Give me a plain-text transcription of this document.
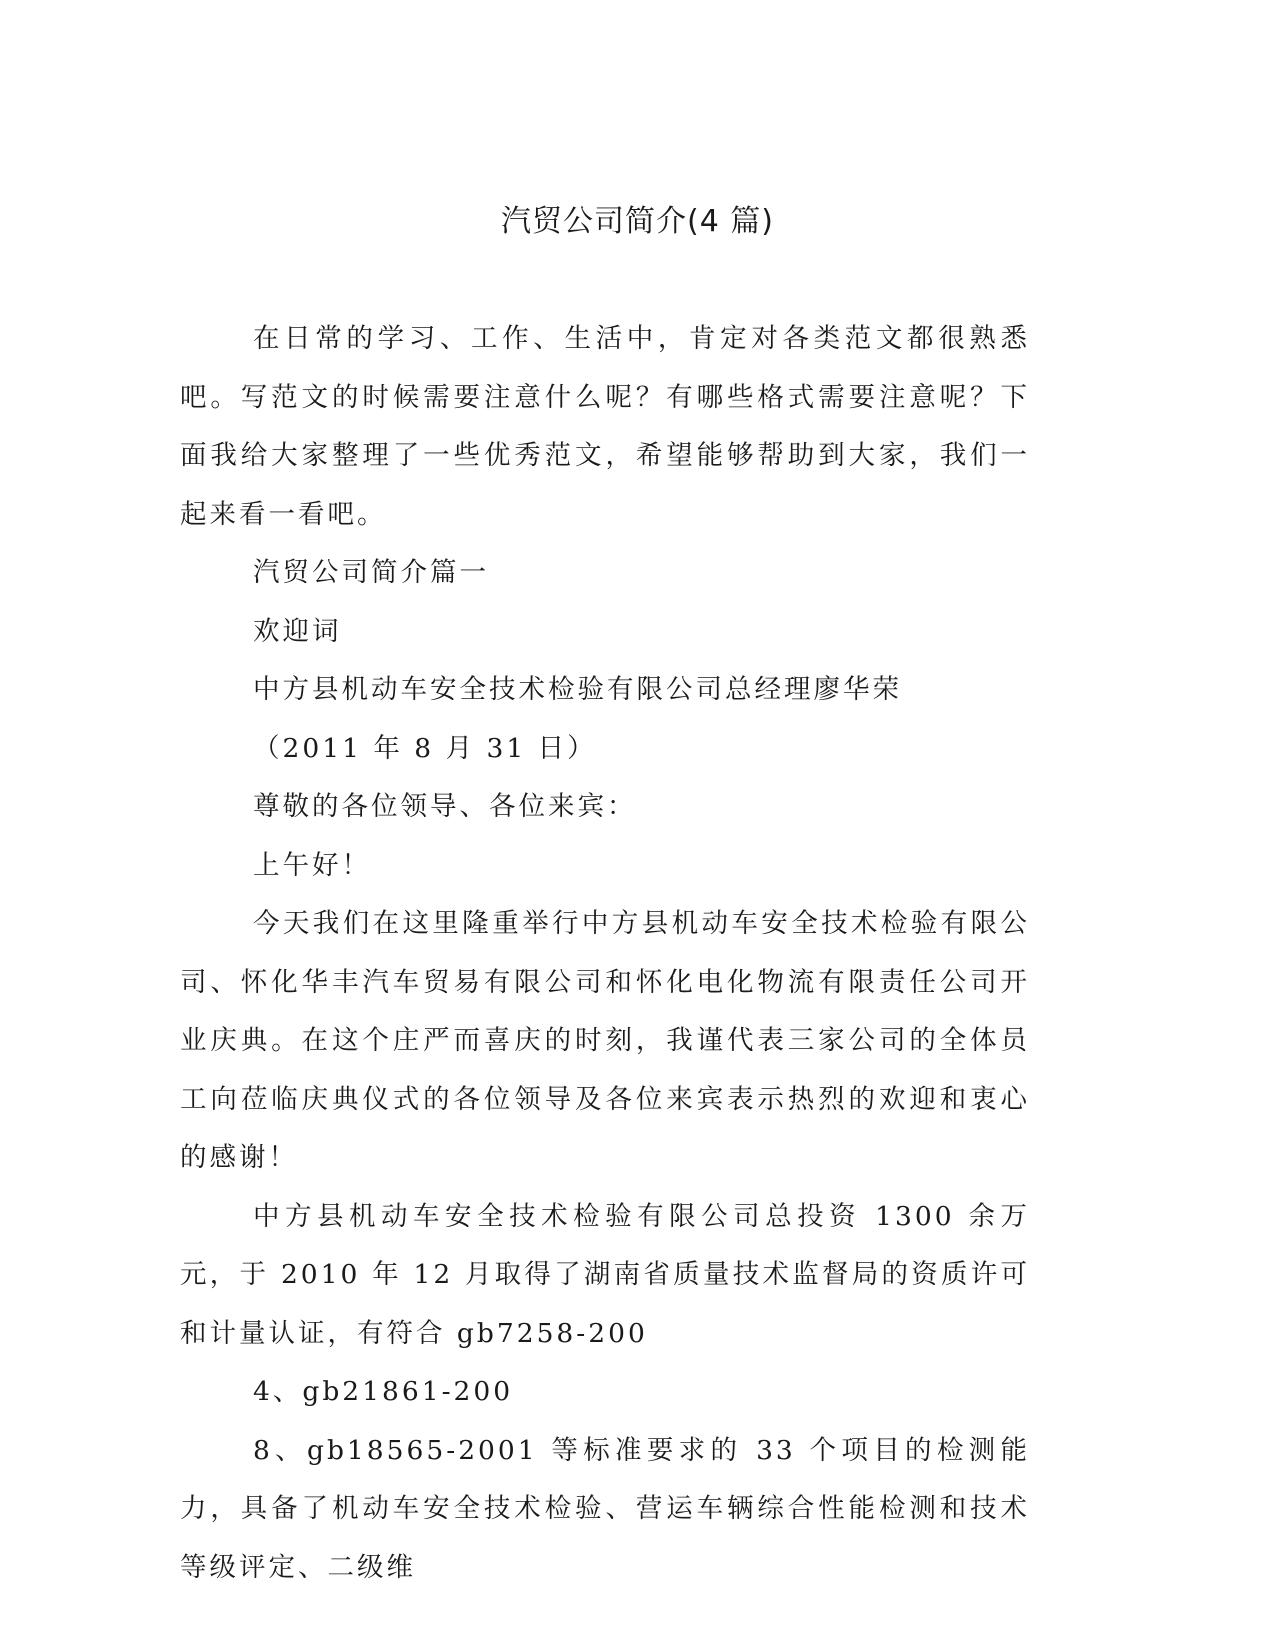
汽贸公司简介(4 篇)

在日常的学习、工作、生活中，肯定对各类范文都很熟悉吧。写范文的时候需要注意什么呢？有哪些格式需要注意呢？下面我给大家整理了一些优秀范文，希望能够帮助到大家，我们一起来看一看吧。

汽贸公司简介篇一

欢迎词

中方县机动车安全技术检验有限公司总经理廖华荣

（2011 年 8 月 31 日）

尊敬的各位领导、各位来宾：

上午好！

今天我们在这里隆重举行中方县机动车安全技术检验有限公司、怀化华丰汽车贸易有限公司和怀化电化物流有限责任公司开业庆典。在这个庄严而喜庆的时刻，我谨代表三家公司的全体员工向莅临庆典仪式的各位领导及各位来宾表示热烈的欢迎和衷心的感谢！

中方县机动车安全技术检验有限公司总投资 1300 余万元，于 2010 年 12 月取得了湖南省质量技术监督局的资质许可和计量认证，有符合 gb7258-200

4、gb21861-200

8、gb18565-2001 等标准要求的 33 个项目的检测能力，具备了机动车安全技术检验、营运车辆综合性能检测和技术等级评定、二级维
